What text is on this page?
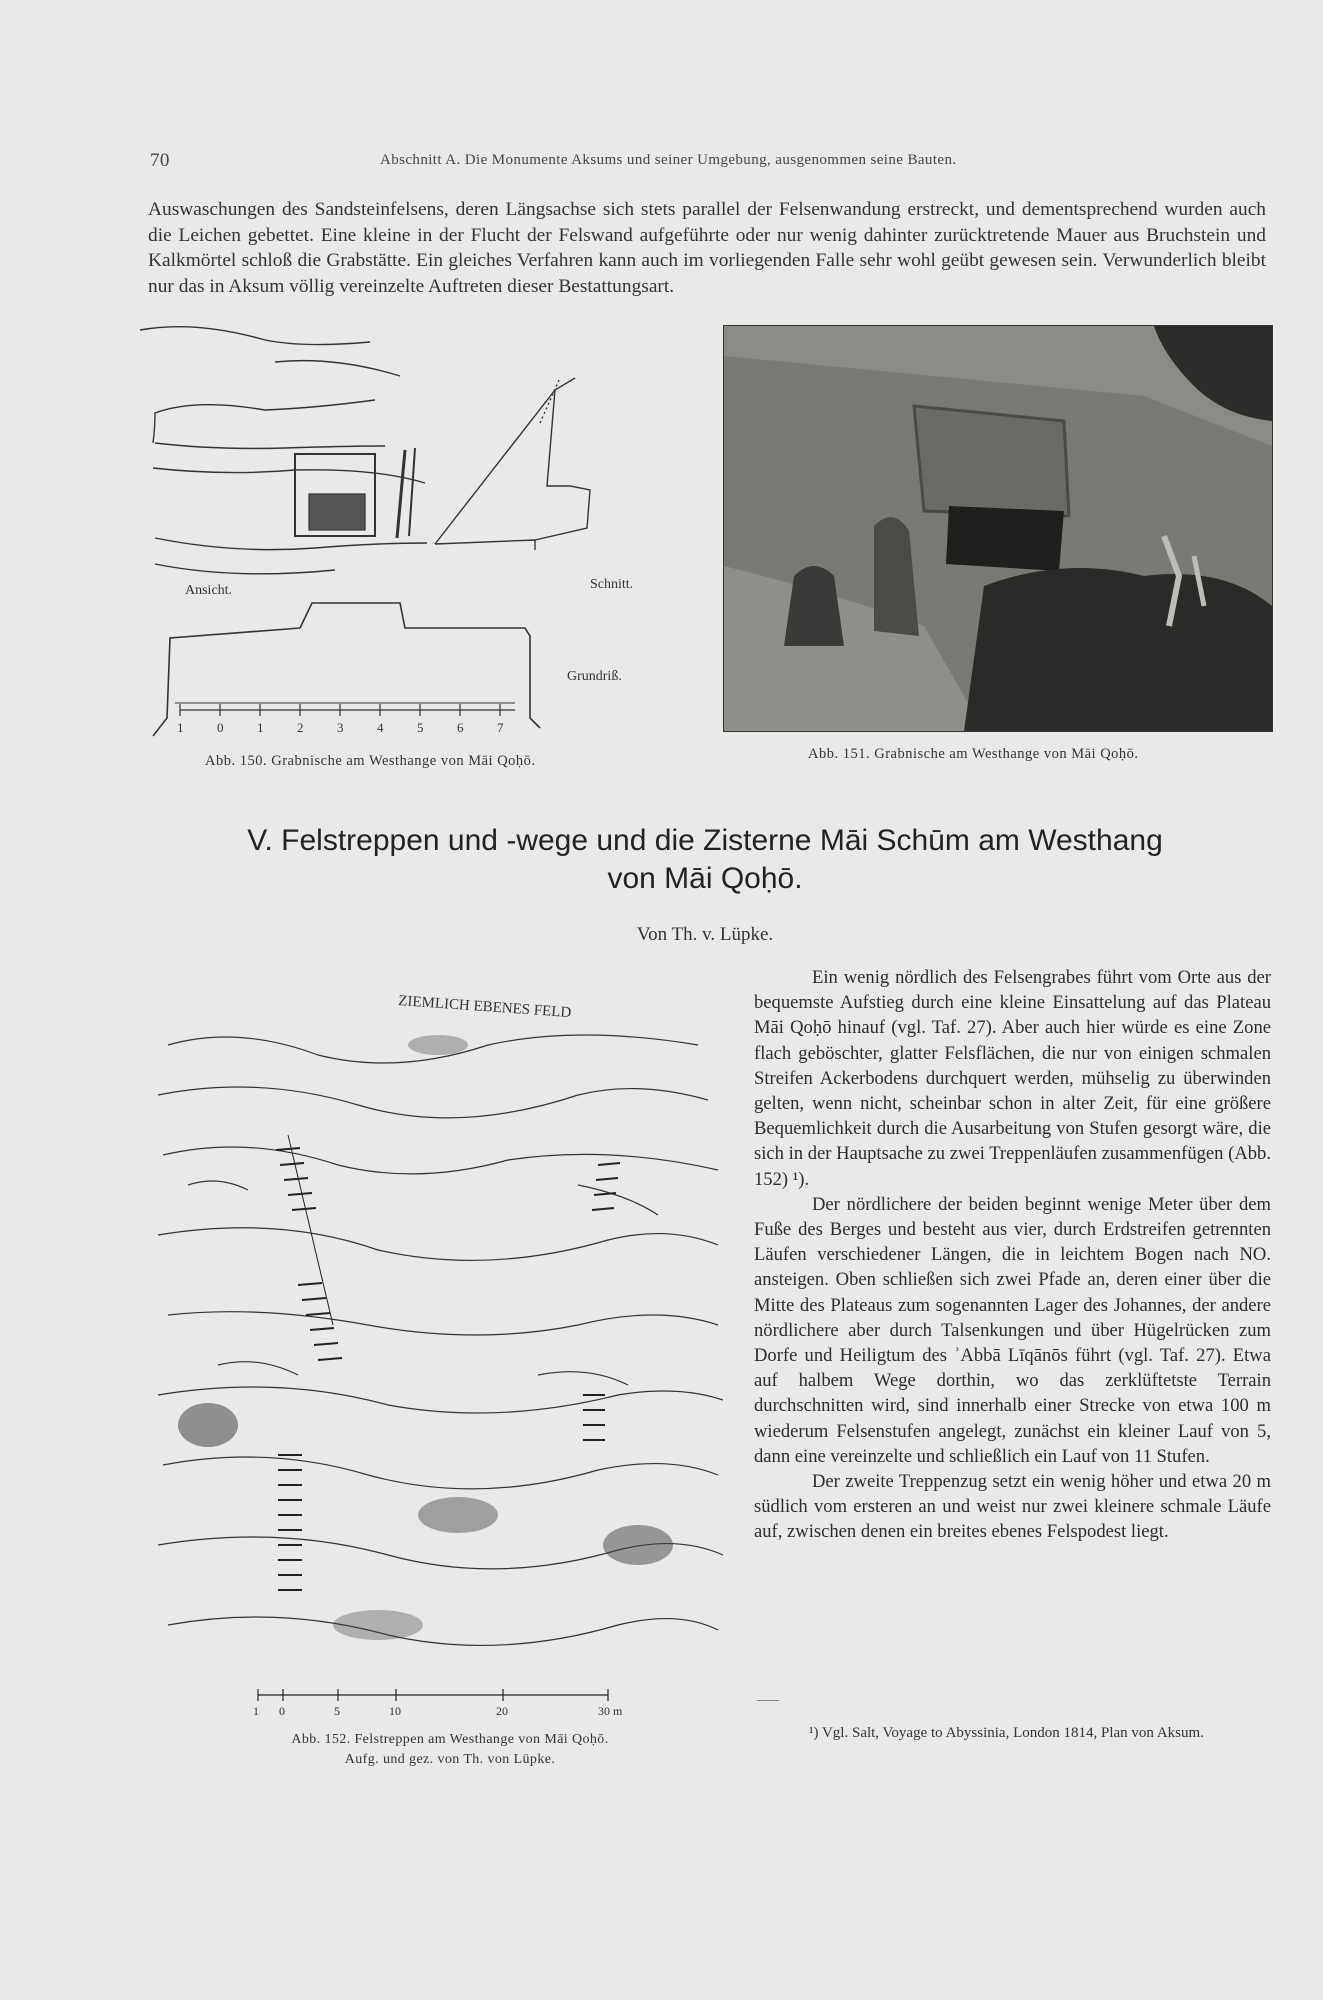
70	Abschnitt A. Die Monumente Aksums und seiner Umgebung, ausgenommen seine Bauten.
Auswaschungen des Sandsteinfelsens, deren Längsachse sich stets parallel der Felsenwandung erstreckt, und dementsprechend wurden auch die Leichen gebettet. Eine kleine in der Flucht der Felswand aufgeführte oder nur wenig dahinter zurücktretende Mauer aus Bruchstein und Kalkmörtel schloß die Grabstätte. Ein gleiches Verfahren kann auch im vorliegenden Falle sehr wohl geübt gewesen sein. Verwunderlich bleibt nur das in Aksum völlig vereinzelte Auftreten dieser Bestattungsart.
1	0	1	2	3	4	5	6	7
Ansicht.	Schnitt.
Grundriß.
Abb. 150. Grabnische am Westhange von Māi Qoḥō.	Abb. 151. Grabnische am Westhange von Māi Qoḥō.
V. Felstreppen und -wege und die Zisterne Māi Schūm am Westhang
von Māi Qoḥō.
Von Th. v. Lüpke.
ZIEMLICH EBENES FELD
1 0	5	10	20	30 m
Abb. 152. Felstreppen am Westhange von Māi Qoḥō.
Aufg. und gez. von Th. von Lüpke.

Ein wenig nördlich des Felsengrabes führt vom Orte aus der bequemste Aufstieg durch eine kleine Einsattelung auf das Plateau Māi Qoḥō hinauf (vgl. Taf. 27). Aber auch hier würde es eine Zone flach geböschter, glatter Felsflächen, die nur von einigen schmalen Streifen Ackerbodens durchquert werden, mühselig zu überwinden gelten, wenn nicht, scheinbar schon in alter Zeit, für eine größere Bequemlichkeit durch die Ausarbeitung von Stufen gesorgt wäre, die sich in der Hauptsache zu zwei Treppenläufen zusammenfügen (Abb. 152) ¹).

Der nördlichere der beiden beginnt wenige Meter über dem Fuße des Berges und besteht aus vier, durch Erdstreifen getrennten Läufen verschiedener Längen, die in leichtem Bogen nach NO. ansteigen. Oben schließen sich zwei Pfade an, deren einer über die Mitte des Plateaus zum sogenannten Lager des Johannes, der andere nördlichere aber durch Talsenkungen und über Hügelrücken zum Dorfe und Heiligtum des ʾAbbā Līqānōs führt (vgl. Taf. 27). Etwa auf halbem Wege dorthin, wo das zerklüftetste Terrain durchschnitten wird, sind innerhalb einer Strecke von etwa 100 m wiederum Felsenstufen angelegt, zunächst ein kleiner Lauf von 5, dann eine vereinzelte und schließlich ein Lauf von 11 Stufen.

Der zweite Treppenzug setzt ein wenig höher und etwa 20 m südlich vom ersteren an und weist nur zwei kleinere schmale Läufe auf, zwischen denen ein breites ebenes Felspodest liegt.

¹) Vgl. Salt, Voyage to Abyssinia, London 1814, Plan von Aksum.
